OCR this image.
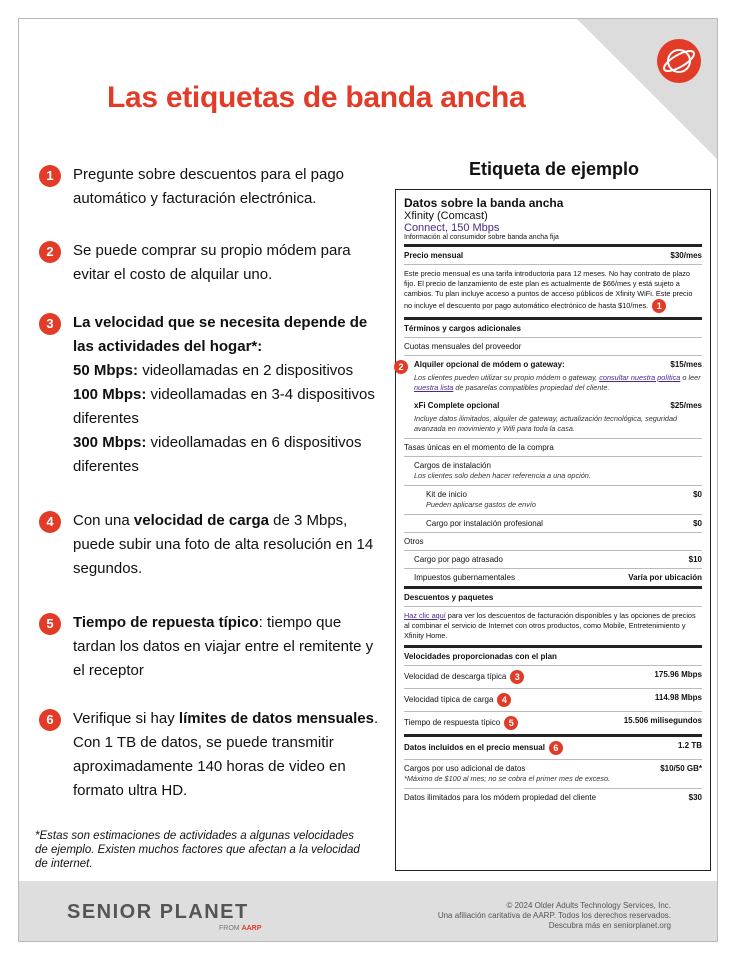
Las etiquetas de banda ancha
1	Pregunte sobre descuentos para el pago automático y facturación electrónica.
2	Se puede comprar su propio módem para evitar el costo de alquilar uno.
3	La velocidad que se necesita depende de las actividades del hogar*:
50 Mbps: videollamadas en 2 dispositivos
100 Mbps: videollamadas en 3-4 dispositivos diferentes
300 Mbps: videollamadas en 6 dispositivos diferentes
4	Con una velocidad de carga de 3 Mbps, puede subir una foto de alta resolución en 14 segundos.
5	Tiempo de repuesta típico: tiempo que tardan los datos en viajar entre el remitente y el receptor
6	Verifique si hay límites de datos mensuales. Con 1 TB de datos, se puede transmitir aproximadamente 140 horas de video en formato ultra HD.
*Estas son estimaciones de actividades a algunas velocidades de ejemplo. Existen muchos factores que afectan a la velocidad de internet.
Etiqueta de ejemplo
Datos sobre la banda ancha
Xfinity (Comcast)
Connect, 150 Mbps
Información al consumidor sobre banda ancha fija
Precio mensual	$30/mes
Este precio mensual es una tarifa introductoria para 12 meses. No hay contrato de plazo fijo. El precio de lanzamiento de este plan es actualmente de $66/mes y está sujeto a cambios. Tu plan incluye acceso a puntos de acceso públicos de Xfinity WiFi. Este precio no incluye el descuento por pago automático electrónico de hasta $10/mes. 1
Términos y cargos adicionales
Cuotas mensuales del proveedor
2	Alquiler opcional de módem o gateway:	$15/mes
Los clientes pueden utilizar su propio módem o gateway, consultar nuestra política o leer nuestra lista de pasarelas compatibles propiedad del cliente.
xFi Complete opcional	$25/mes
Incluye datos ilimitados, alquiler de gateway, actualización tecnológica, seguridad avanzada en movimiento y Wifi para toda la casa.
Tasas únicas en el momento de la compra
Cargos de instalación
Los clientes solo deben hacer referencia a una opción.
Kit de inicio	$0
Pueden aplicarse gastos de envío
Cargo por instalación profesional	$0
Otros
Cargo por pago atrasado	$10
Impuestos gubernamentales	Varía por ubicación
Descuentos y paquetes
Haz clic aquí para ver los descuentos de facturación disponibles y las opciones de precios al combinar el servicio de Internet con otros productos, como Mobile, Entretenimiento y Xfinity Home.
Velocidades proporcionadas con el plan
Velocidad de descarga típica 3	175.96 Mbps
Velocidad típica de carga 4	114.98 Mbps
Tiempo de respuesta típico 5	15.506 milisegundos
Datos incluidos en el precio mensual 6	1.2 TB
Cargos por uso adicional de datos	$10/50 GB*
*Máximo de $100 al mes; no se cobra el primer mes de exceso.
Datos ilimitados para los módem propiedad del cliente	$30
SENIOR PLANET
FROM AARP
© 2024 Older Adults Technology Services, Inc.
Una afiliación caritativa de AARP. Todos los derechos reservados.
Descubra más en seniorplanet.org
